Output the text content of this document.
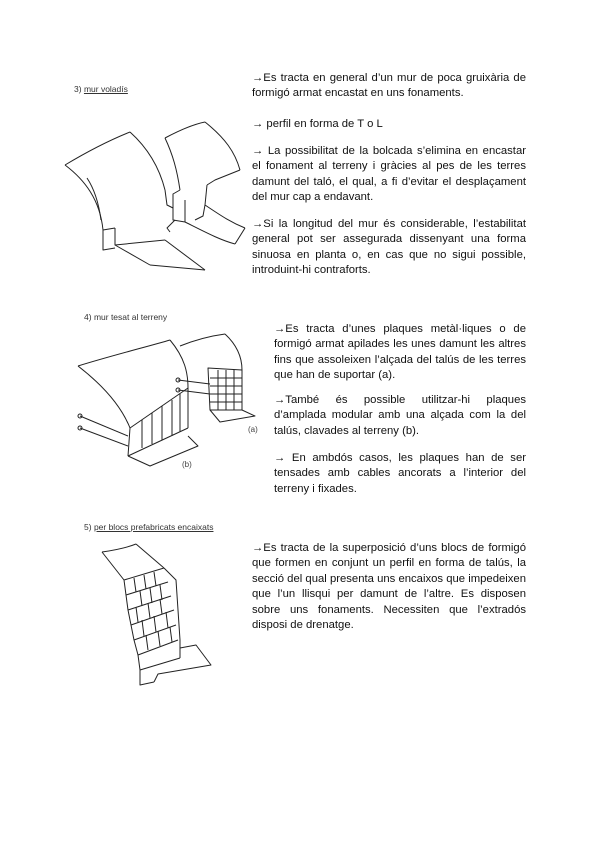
3) mur voladís

→Es tracta en general d’un mur de poca gruixària de formigó armat encastat en uns fonaments.

→ perfil en forma de T o L

→ La possibilitat de la bolcada s’elimina en encastar el fonament al terreny i gràcies al pes de les terres damunt del taló, el qual, a fi d’evitar el desplaçament del mur cap a endavant.

→Si la longitud del mur és considerable, l’estabilitat general pot ser assegurada dissenyant una forma sinuosa en planta o, en cas que no sigui possible, introduint-hi contraforts.

4) mur tesat al terreny
(b)
(a)

→Es tracta d’unes plaques metàl·liques o de formigó armat apilades les unes damunt les altres fins que assoleixen l’alçada del talús de les terres que han de suportar (a).

→També és possible utilitzar-hi plaques d’amplada modular amb una alçada com la del talús, clavades al terreny (b).

→ En ambdós casos, les plaques han de ser tensades amb cables ancorats a l’interior del terreny i fixades.

5) per blocs prefabricats encaixats

→Es tracta de la superposició d’uns blocs de formigó que formen en conjunt un perfil en forma de talús, la secció del qual presenta uns encaixos que impedeixen que l’un llisqui per damunt de l’altre. Es disposen sobre uns fonaments. Necessiten que l’extradós disposi de drenatge.
